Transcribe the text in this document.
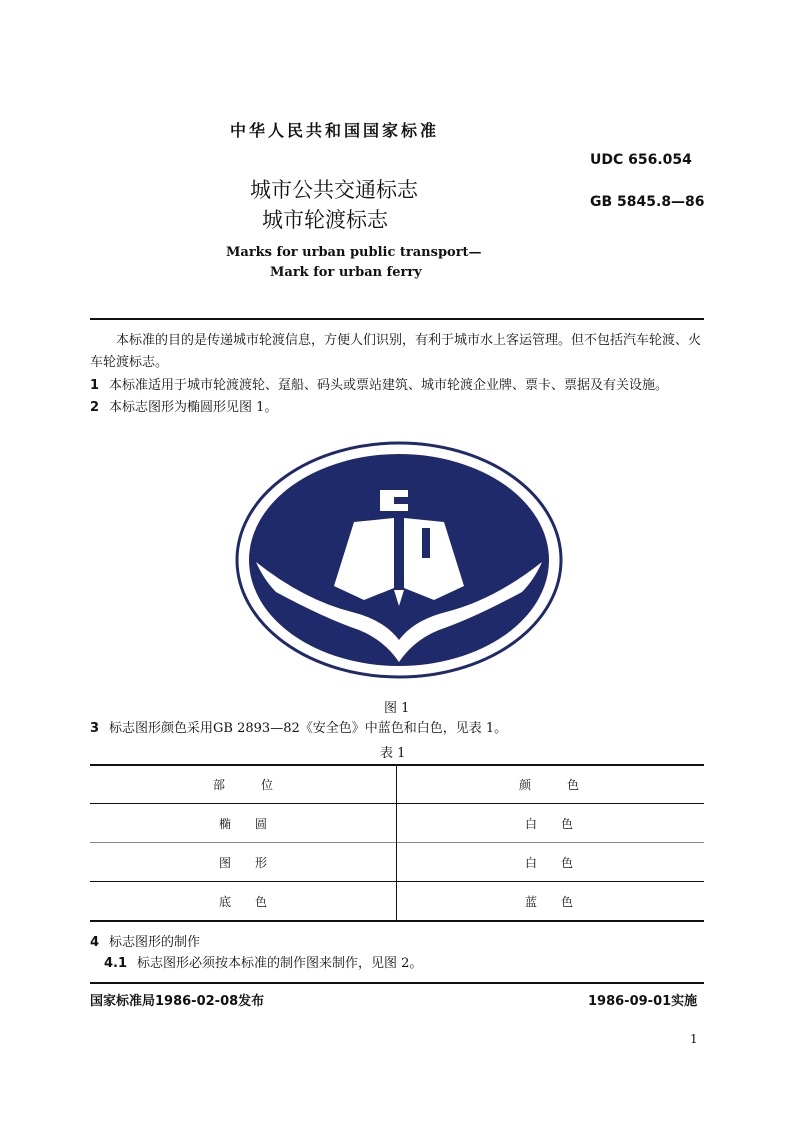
中华人民共和国国家标准
UDC 656.054
GB 5845.8—86
城市公共交通标志
城市轮渡标志
Marks for urban public transport—
Mark for urban ferry
本标准的目的是传递城市轮渡信息，方便人们识别，有利于城市水上客运管理。但不包括汽车轮渡、火车轮渡标志。
1 本标准适用于城市轮渡渡轮、趸船、码头或票站建筑、城市轮渡企业牌、票卡、票据及有关设施。
2 本标志图形为椭圆形见图 1。
图 1
3 标志图形颜色采用GB 2893—82《安全色》中蓝色和白色，见表 1。
表 1
部　　　位	颜　　　色
椭　　圆	白　　色
图　　形	白　　色
底　　色	蓝　　色
4 标志图形的制作
4.1 标志图形必须按本标准的制作图来制作，见图 2。
国家标准局1986-02-08发布	1986-09-01实施
1
